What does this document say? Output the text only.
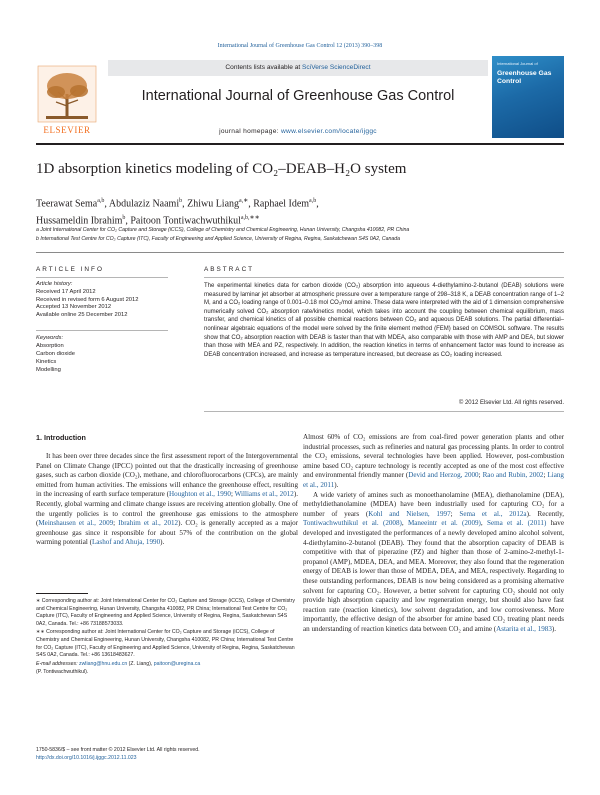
International Journal of Greenhouse Gas Control 12 (2013) 390–398
Contents lists available at SciVerse ScienceDirect
ELSEVIER
International Journal of Greenhouse Gas Control
journal homepage: www.elsevier.com/locate/ijggc
International Journal of
Greenhouse Gas Control
1D absorption kinetics modeling of CO₂–DEAB–H₂O system
Teerawat Sema$^{a,b}$, Abdulaziz Naami$^b$, Zhiwu Liang$^{a,∗}$, Raphael Idem$^{a,b}$,
Hussameldin Ibrahim$^b$, Paitoon Tontiwachwuthikul$^{a,b,∗∗}$
a Joint International Center for CO₂ Capture and Storage (iCCS), College of Chemistry and Chemical Engineering, Hunan University, Changsha 410082, PR China
b International Test Centre for CO₂ Capture (ITC), Faculty of Engineering and Applied Science, University of Regina, Regina, Saskatchewan S4S 0A2, Canada
ARTICLE INFO
Article history:
Received 17 April 2012
Received in revised form 6 August 2012
Accepted 13 November 2012
Available online 25 December 2012
Keywords:
Absorption
Carbon dioxide
Kinetics
Modelling
ABSTRACT
The experimental kinetics data for carbon dioxide (CO₂) absorption into aqueous 4-diethylamino-2-butanol (DEAB) solutions were measured by laminar jet absorber at atmospheric pressure over a temperature range of 298–318 K, a DEAB concentration range of 1–2 M, and a CO₂ loading range of 0.001–0.18 mol CO₂/mol amine. These data were interpreted with the aid of 1 dimension comprehensive numerically solved CO₂ absorption rate/kinetics model, which takes into account the coupling between chemical equilibrium, mass transfer, and chemical kinetics of all possible chemical reactions between CO₂ and aqueous DEAB solutions. The partial differential–nonlinear algebraic equations of the model were solved by the finite element method (FEM) based on COMSOL software. The results show that CO₂ absorption reaction with DEAB is faster than that with MDEA, also comparable with those with AMP and DEA, but slower than those with MEA and PZ, respectively. In addition, the reaction kinetics in terms of enhancement factor was found to increase as DEAB concentration increased, and increase as temperature increased, but decrease as CO₂ loading increased.
© 2012 Elsevier Ltd. All rights reserved.
1. Introduction

It has been over three decades since the first assessment report of the Intergovernmental Panel on Climate Change (IPCC) pointed out that the drastically increasing of greenhouse gases, such as carbon dioxide (CO₂), methane, and chlorofluorocarbons (CFCs), are mainly emitted from human activities. The emissions will enhance the greenhouse effect, resulting in the increasing of earth surface temperature (Houghton et al., 1990; Williams et al., 2012). Recently, global warming and climate change issues are receiving attention globally. One of the urgently policies is to control the greenhouse gas emissions to the atmosphere (Meinshausen et al., 2009; Ibrahim et al., 2012). CO₂ is generally accepted as a major greenhouse gas since it responsible for about 57% of the contribution on the global warming potential (Lashof and Ahuja, 1990).

Almost 60% of CO₂ emissions are from coal-fired power generation plants and other industrial processes, such as refineries and natural gas processing plants. In order to control the CO₂ emissions, several technologies have been applied. However, post-combustion amine based CO₂ capture technology is recently accepted as one of the most cost effective and environmental friendly manner (Devid and Herzog, 2000; Rao and Rubin, 2002; Liang et al., 2011).

A wide variety of amines such as monoethanolamine (MEA), diethanolamine (DEA), methyldiethanolamine (MDEA) have been industrially used for capturing CO₂ for a number of years (Kohl and Nielsen, 1997; Sema et al., 2012a). Recently, Tontiwachwuthikul et al. (2008), Maneeintr et al. (2009), Sema et al. (2011) have developed and investigated the performances of a newly developed amino alcohol solvent, 4-diethylamino-2-butanol (DEAB). They found that the absorption capacity of DEAB is competitive with that of piperazine (PZ) and higher than those of 2-amino-2-methyl-1-propanol (AMP), MDEA, DEA, and MEA. Moreover, they also found that the regeneration energy of DEAB is lower than those of MDEA, DEA, and MEA, respectively. Regarding to these outstanding performances, DEAB is now being considered as a promising alternative solvent for capturing CO₂. However, a better solvent for capturing CO₂ should not only provide high absorption capacity and low regeneration energy, but should also have fast reaction rate (reaction kinetics), low solvent degradation, and low corrosiveness. More importantly, the effective design of the absorber for amine based CO₂ treating plant needs an understanding of reaction kinetics data between CO₂ and amine (Astarita et al., 1983).

∗ Corresponding author at: Joint International Center for CO₂ Capture and Storage (iCCS), College of Chemistry and Chemical Engineering, Hunan University, Changsha 410082, PR China; International Test Centre for CO₂ Capture (ITC), Faculty of Engineering and Applied Science, University of Regina, Regina, Saskatchewan S4S 0A2, Canada. Tel.: +86 73188573033.

∗∗ Corresponding author at: Joint International Center for CO₂ Capture and Storage (iCCS), College of Chemistry and Chemical Engineering, Hunan University, Changsha 410082, PR China; International Test Centre for CO₂ Capture (ITC), Faculty of Engineering and Applied Science, University of Regina, Regina, Saskatchewan S4S 0A2, Canada. Tel.: +86 13618483627.

E-mail addresses: zwliang@hnu.edu.cn (Z. Liang), paitoon@uregina.ca

(P. Tontiwachwuthikul).

1750-5836/$ – see front matter © 2012 Elsevier Ltd. All rights reserved.
http://dx.doi.org/10.1016/j.ijggc.2012.11.023
